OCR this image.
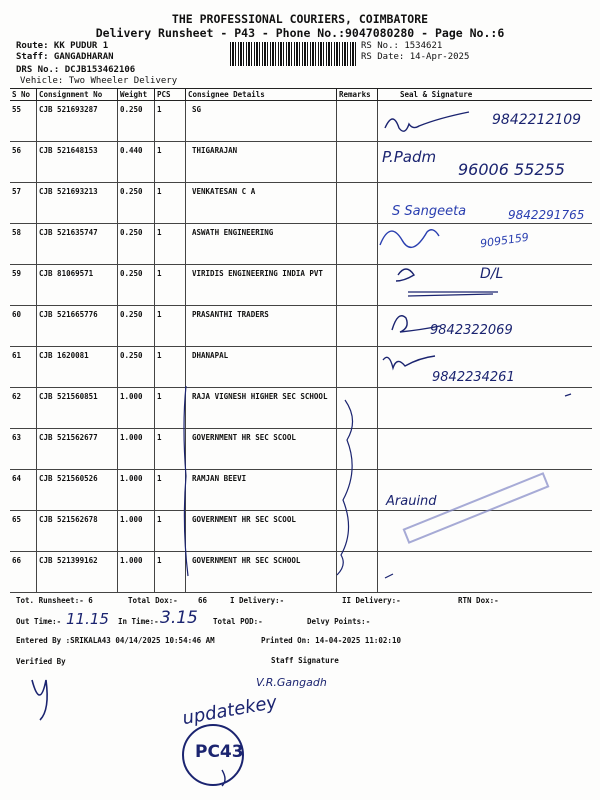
THE PROFESSIONAL COURIERS, COIMBATORE
Delivery Runsheet - P43 - Phone No.:9047080280 - Page No.:6
Route: KK PUDUR 1
Staff: GANGADHARAN
DRS No.: DCJB153462106
Vehicle: Two Wheeler Delivery
RS No.: 1534621
RS Date: 14-Apr-2025
S No	Consignment No	Weight	PCS	Consignee Details	Remarks	Seal & Signature
55	CJB 521693287	0.250	1	SG		
56	CJB 521648153	0.440	1	THIGARAJAN		
57	CJB 521693213	0.250	1	VENKATESAN C A		
58	CJB 521635747	0.250	1	ASWATH ENGINEERING		
59	CJB 81069571	0.250	1	VIRIDIS ENGINEERING INDIA PVT		
60	CJB 521665776	0.250	1	PRASANTHI TRADERS		
61	CJB 1620081	0.250	1	DHANAPAL		
62	CJB 521560851	1.000	1	RAJA VIGNESH HIGHER SEC SCHOOL		
63	CJB 521562677	1.000	1	GOVERNMENT HR SEC SCOOL		
64	CJB 521560526	1.000	1	RAMJAN BEEVI		
65	CJB 521562678	1.000	1	GOVERNMENT HR SEC SCOOL		
66	CJB 521399162	1.000	1	GOVERNMENT HR SEC SCHOOL		
9842212109
P.Padm
96006 55255
S Sangeeta	9842291765
9095159
D/L
9842322069
9842234261
Arauind

Tot. Runsheet:- 6	Total Dox:-	66	I Delivery:-	II Delivery:-	RTN Dox:-
Out Time:- 11.15 In Time:- 3.15 Total POD:-	Delvy Points:-
Entered By :SRIKALA43 04/14/2025 10:54:46 AM	Printed On: 14-04-2025 11:02:10
Verified By	Staff Signature
V.R.Gangadh
updatekey
PC43
